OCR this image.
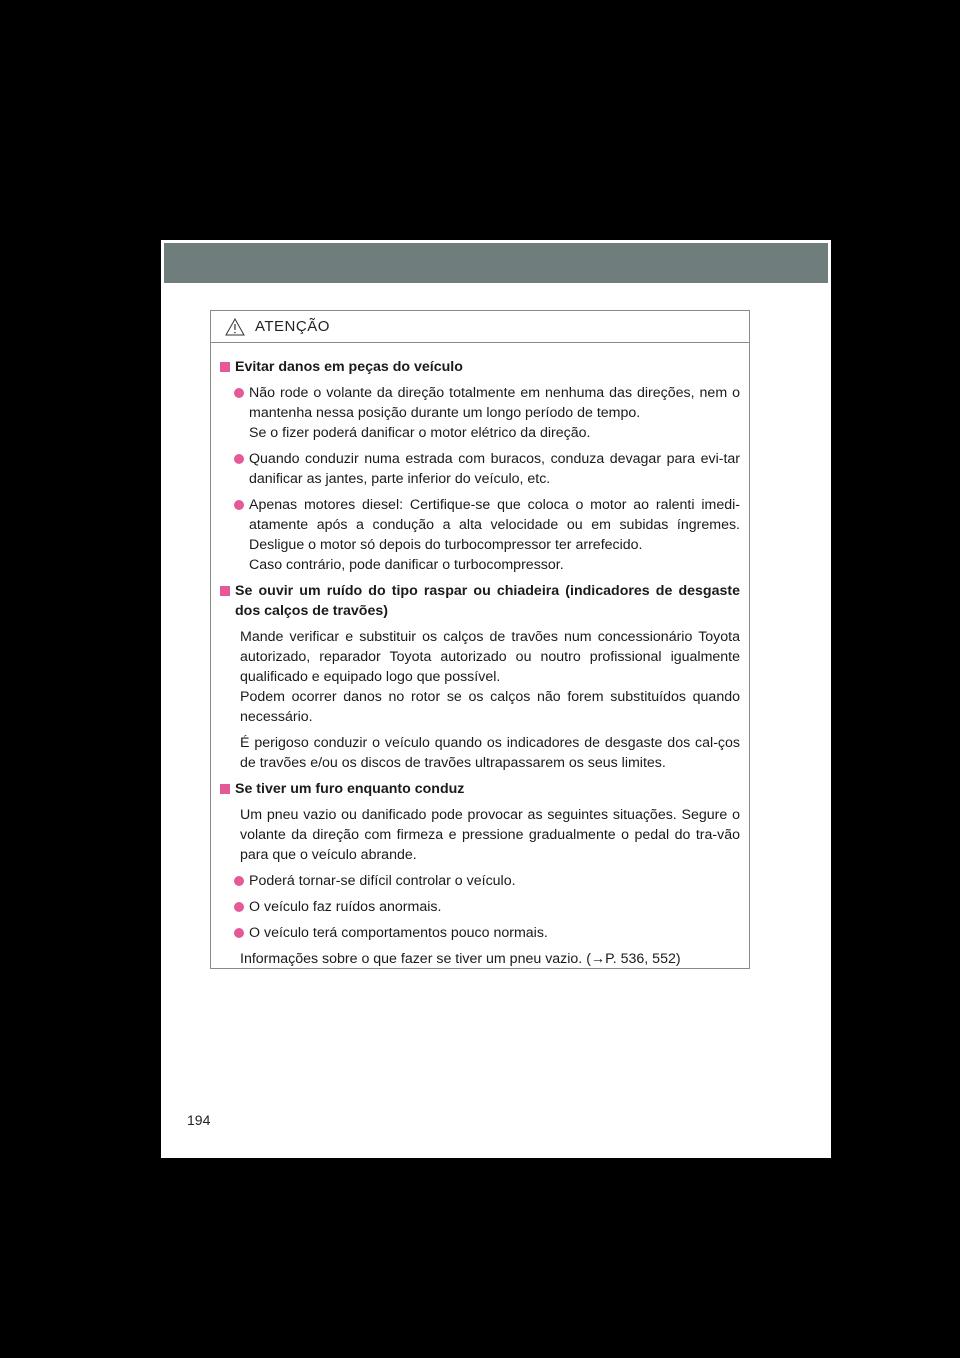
ATENÇÃO
Evitar danos em peças do veículo
Não rode o volante da direção totalmente em nenhuma das direções, nem o mantenha nessa posição durante um longo período de tempo.
Se o fizer poderá danificar o motor elétrico da direção.
Quando conduzir numa estrada com buracos, conduza devagar para evi-tar danificar as jantes, parte inferior do veículo, etc.
Apenas motores diesel: Certifique-se que coloca o motor ao ralenti imedi-atamente após a condução a alta velocidade ou em subidas íngremes. Desligue o motor só depois do turbocompressor ter arrefecido.
Caso contrário, pode danificar o turbocompressor.
Se ouvir um ruído do tipo raspar ou chiadeira (indicadores de desgaste dos calços de travões)
Mande verificar e substituir os calços de travões num concessionário Toyota autorizado, reparador Toyota autorizado ou noutro profissional igualmente qualificado e equipado logo que possível.
Podem ocorrer danos no rotor se os calços não forem substituídos quando necessário.
É perigoso conduzir o veículo quando os indicadores de desgaste dos cal-ços de travões e/ou os discos de travões ultrapassarem os seus limites.
Se tiver um furo enquanto conduz
Um pneu vazio ou danificado pode provocar as seguintes situações. Segure o volante da direção com firmeza e pressione gradualmente o pedal do tra-vão para que o veículo abrande.
Poderá tornar-se difícil controlar o veículo.
O veículo faz ruídos anormais.
O veículo terá comportamentos pouco normais.
Informações sobre o que fazer se tiver um pneu vazio. (→P. 536, 552)
194
